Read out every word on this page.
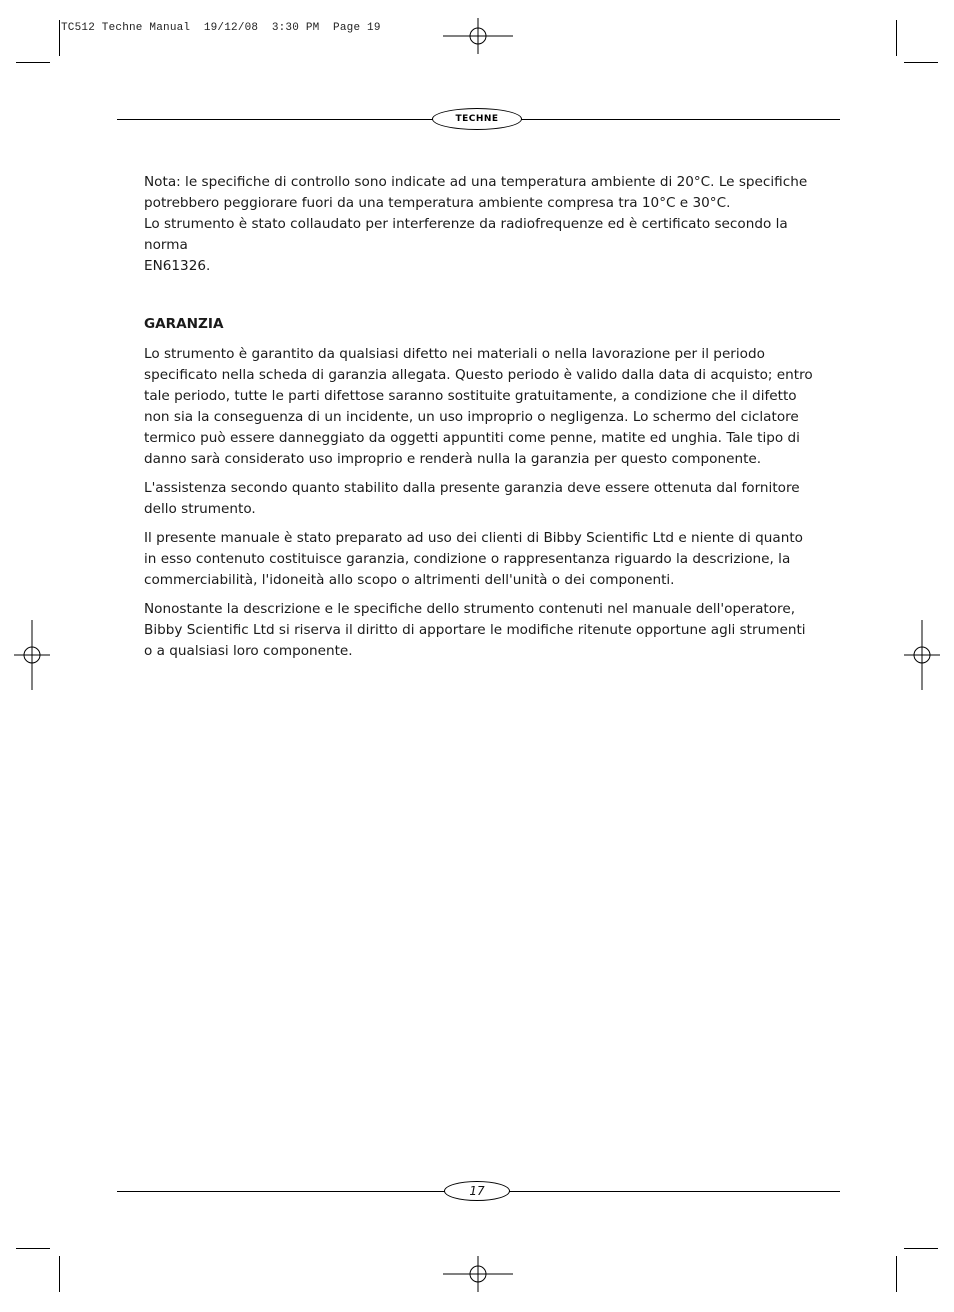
TC512 Techne Manual  19/12/08  3:30 PM  Page 19
TECHNE

Nota: le specifiche di controllo sono indicate ad una temperatura ambiente di 20°C. Le specifiche
potrebbero peggiorare fuori da una temperatura ambiente compresa tra 10°C e 30°C.
Lo strumento è stato collaudato per interferenze da radiofrequenze ed è certificato secondo la norma
EN61326.

GARANZIA

Lo strumento è garantito da qualsiasi difetto nei materiali o nella lavorazione per il periodo specificato nella scheda di garanzia allegata. Questo periodo è valido dalla data di acquisto; entro tale periodo, tutte le parti difettose saranno sostituite gratuitamente, a condizione che il difetto non sia la conseguenza di un incidente, un uso improprio o negligenza. Lo schermo del ciclatore termico può essere danneggiato da oggetti appuntiti come penne, matite ed unghia. Tale tipo di danno sarà considerato uso improprio e renderà nulla la garanzia per questo componente.

L'assistenza secondo quanto stabilito dalla presente garanzia deve essere ottenuta dal fornitore dello strumento.

Il presente manuale è stato preparato ad uso dei clienti di Bibby Scientific Ltd e niente di quanto in esso contenuto costituisce garanzia, condizione o rappresentanza riguardo la descrizione, la commerciabilità, l'idoneità allo scopo o altrimenti dell'unità o dei componenti.

Nonostante la descrizione e le specifiche dello strumento contenuti nel manuale dell'operatore, Bibby Scientific Ltd si riserva il diritto di apportare le modifiche ritenute opportune agli strumenti o a qualsiasi loro componente.

17
